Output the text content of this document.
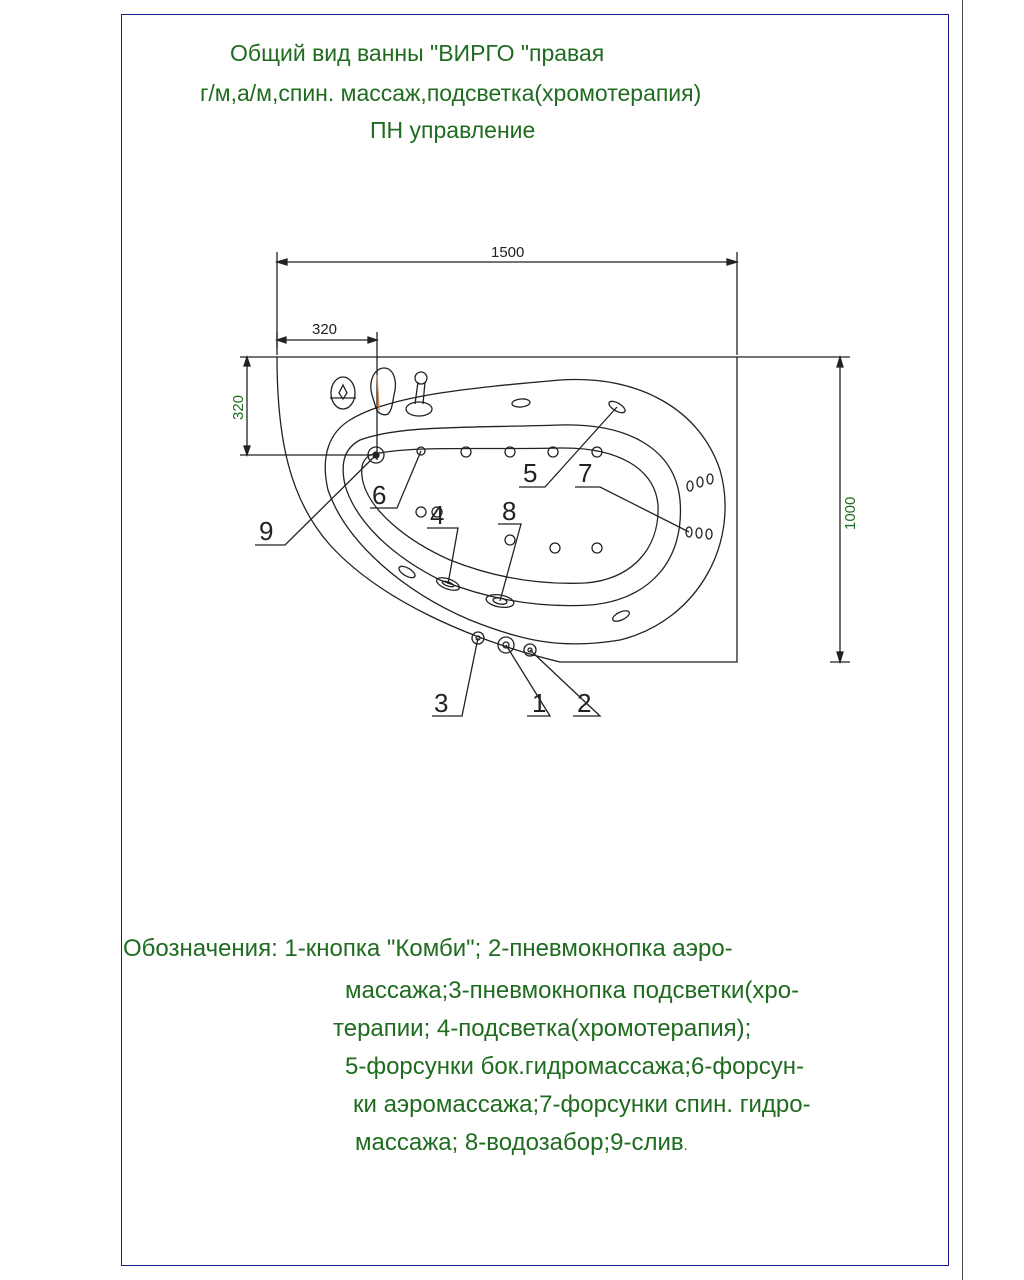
Общий вид ванны "ВИРГО "правая
г/м,а/м,спин. массаж,подсветка(хромотерапия)
ПН управление
1500
320
320
1000
9
6
4 8
5 7
3	1 2
Обозначения: 1-кнопка "Комби"; 2-пневмокнопка аэро-
массажа;3-пневмокнопка подсветки(хро-
терапии; 4-подсветка(хромотерапия);
5-форсунки бок.гидромассажа;6-форсун-
ки аэромассажа;7-форсунки спин. гидро-
массажа; 8-водозабор;9-слив.
